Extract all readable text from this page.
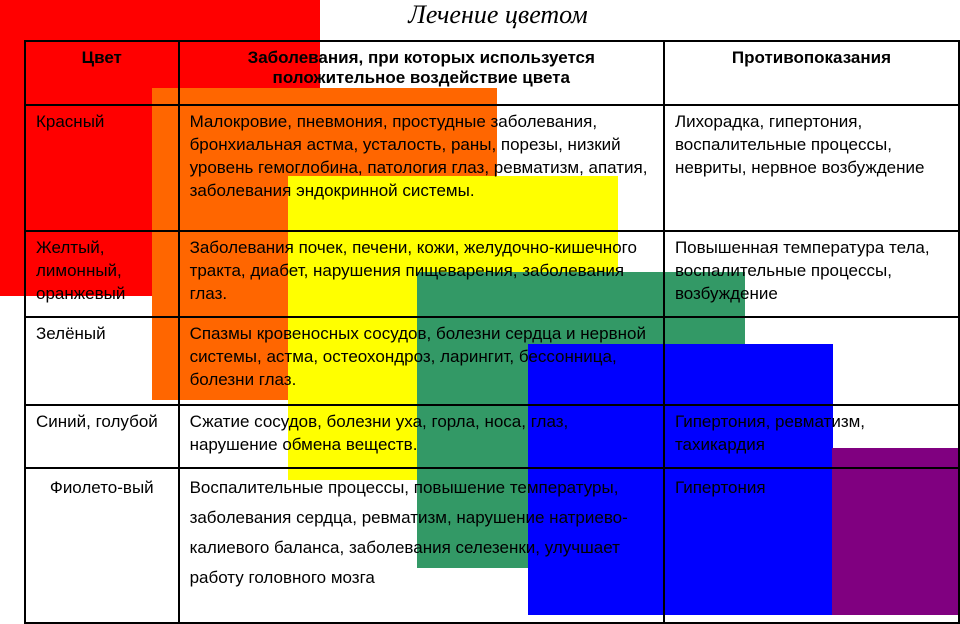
Лечение цветом
Цвет	Заболевания, при которых используется положительное воздействие цвета	Противопоказания
Красный	Малокровие, пневмония, простудные заболевания, бронхиальная астма, усталость, раны, порезы, низкий уровень гемоглобина, патология глаз, ревматизм, апатия, заболевания эндокринной системы.	Лихорадка, гипертония, воспалительные процессы, невриты, нервное возбуждение
Желтый, лимонный, оранжевый	Заболевания почек, печени, кожи, желудочно-кишечного тракта, диабет, нарушения пищеварения, заболевания глаз.	Повышенная температура тела, воспалительные процессы, возбуждение
Зелёный	Спазмы кровеносных сосудов, болезни сердца и нервной системы, астма, остеохондроз, ларингит, бессонница, болезни глаз.	
Синий, голубой	Сжатие сосудов, болезни уха, горла, носа, глаз, нарушение обмена веществ.	Гипертония, ревматизм, тахикардия
Фиолето-вый	Воспалительные процессы, повышение температуры, заболевания сердца, ревматизм, нарушение натриево-калиевого баланса, заболевания селезенки, улучшает работу головного мозга	Гипертония
